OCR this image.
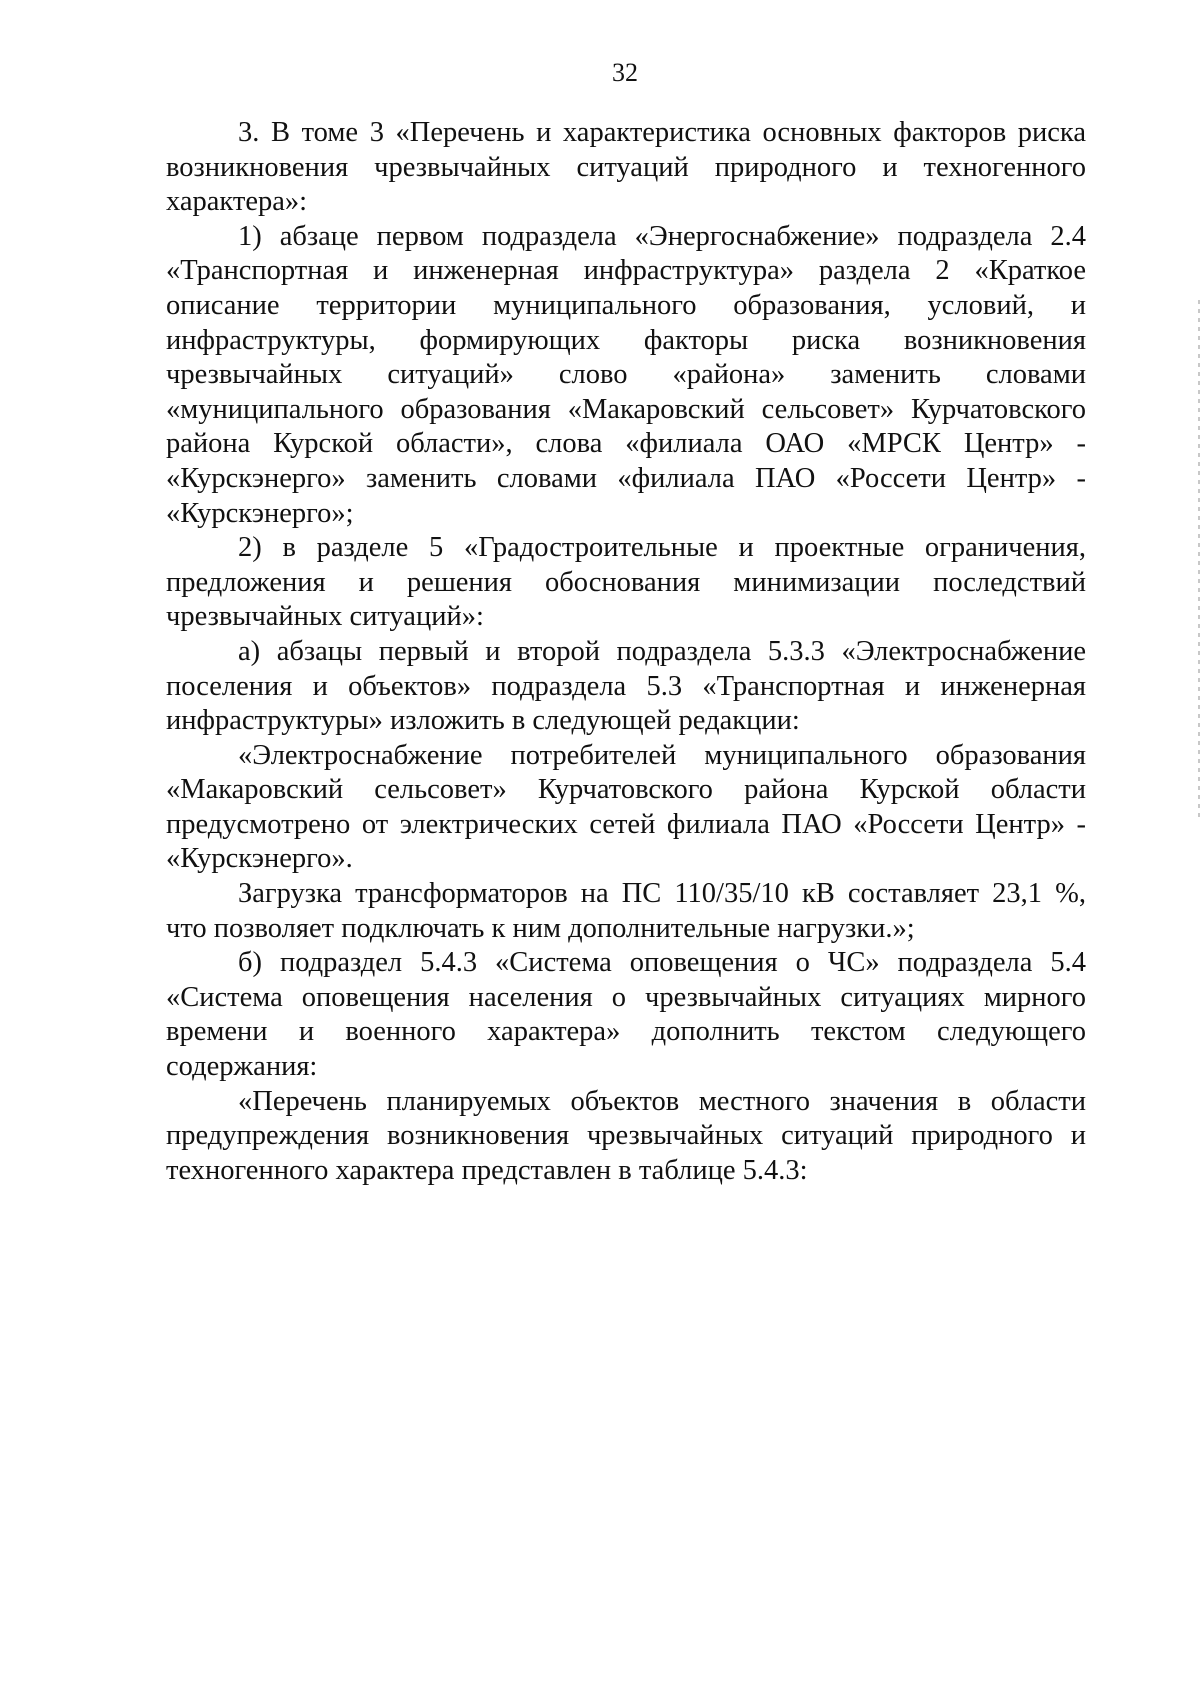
32

3. В томе 3 «Перечень и характеристика основных факторов риска возникновения чрезвычайных ситуаций природного и техногенного характера»:

1) абзаце первом подраздела «Энергоснабжение» подраздела 2.4 «Транспортная и инженерная инфраструктура» раздела 2 «Краткое описание территории муниципального образования, условий, и инфраструктуры, формирующих факторы риска возникновения чрезвычайных ситуаций» слово «района» заменить словами «муниципального образования «Макаровский сельсовет» Курчатовского района Курской области», слова «филиала ОАО «МРСК Центр» - «Курскэнерго» заменить словами «филиала ПАО «Россети Центр» - «Курскэнерго»;

2) в разделе 5 «Градостроительные и проектные ограничения, предложения и решения обоснования минимизации последствий чрезвычайных ситуаций»:

а) абзацы первый и второй подраздела 5.3.3 «Электроснабжение поселения и объектов» подраздела 5.3 «Транспортная и инженерная инфраструктуры» изложить в следующей редакции:

«Электроснабжение потребителей муниципального образования «Макаровский сельсовет» Курчатовского района Курской области предусмотрено от электрических сетей филиала ПАО «Россети Центр» - «Курскэнерго».

Загрузка трансформаторов на ПС 110/35/10 кВ составляет 23,1 %, что позволяет подключать к ним дополнительные нагрузки.»;

б) подраздел 5.4.3 «Система оповещения о ЧС» подраздела 5.4 «Система оповещения населения о чрезвычайных ситуациях мирного времени и военного характера» дополнить текстом следующего содержания:

«Перечень планируемых объектов местного значения в области предупреждения возникновения чрезвычайных ситуаций природного и техногенного характера представлен в таблице 5.4.3:
